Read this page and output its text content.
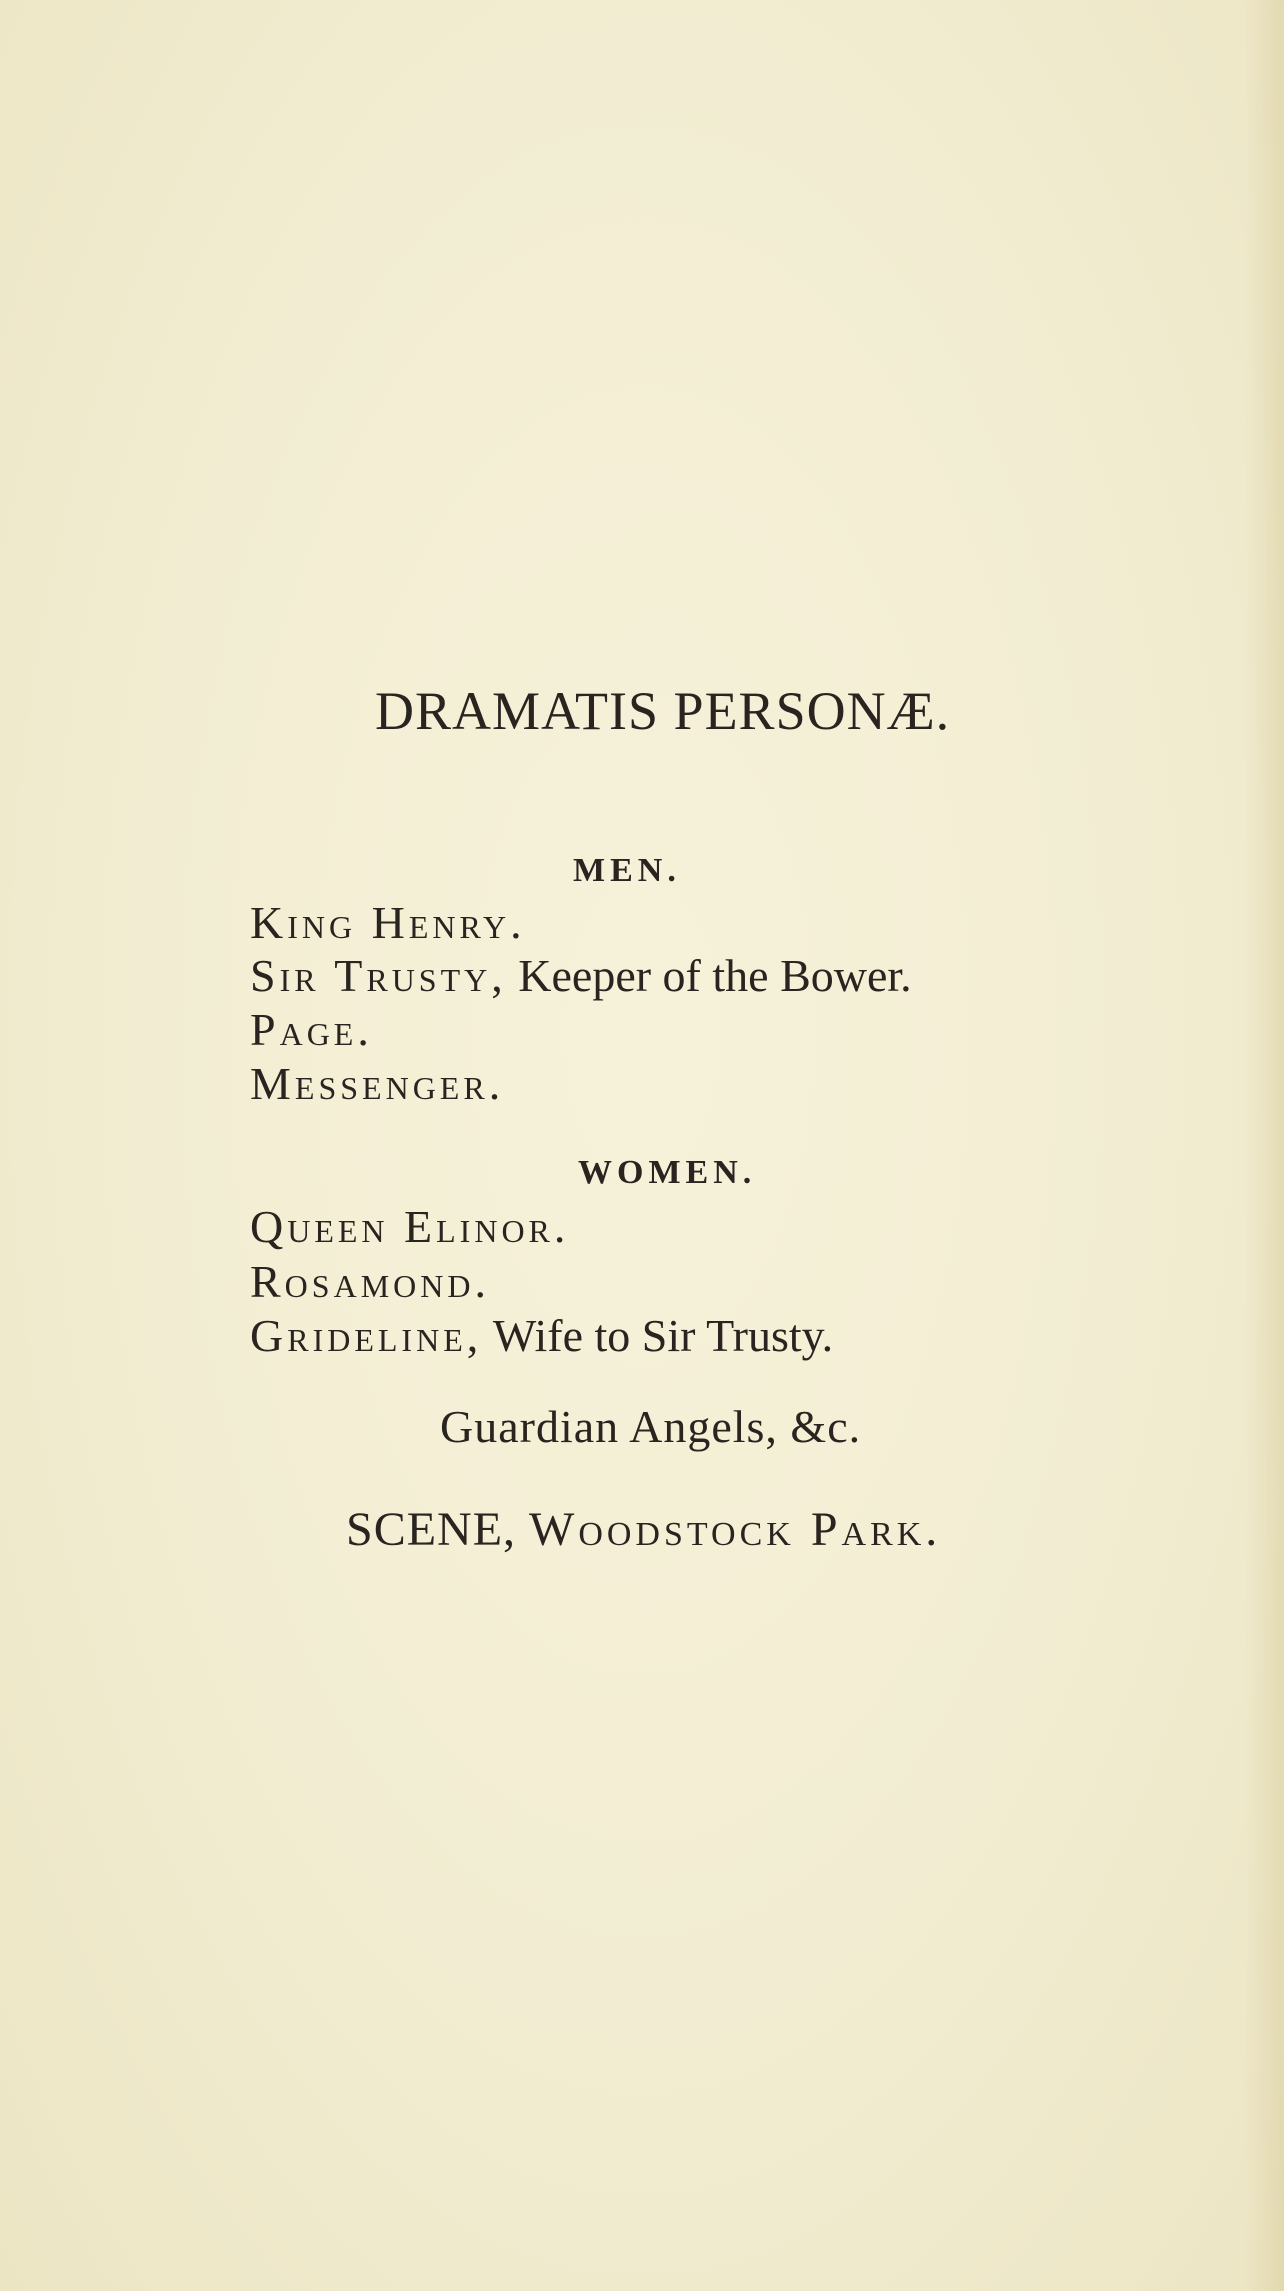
DRAMATIS PERSONÆ.
MEN.
King Henry.
Sir Trusty, Keeper of the Bower.
Page.
Messenger.
WOMEN.
Queen Elinor.
Rosamond.
Grideline, Wife to Sir Trusty.
Guardian Angels, &c.
SCENE, Woodstock Park.
